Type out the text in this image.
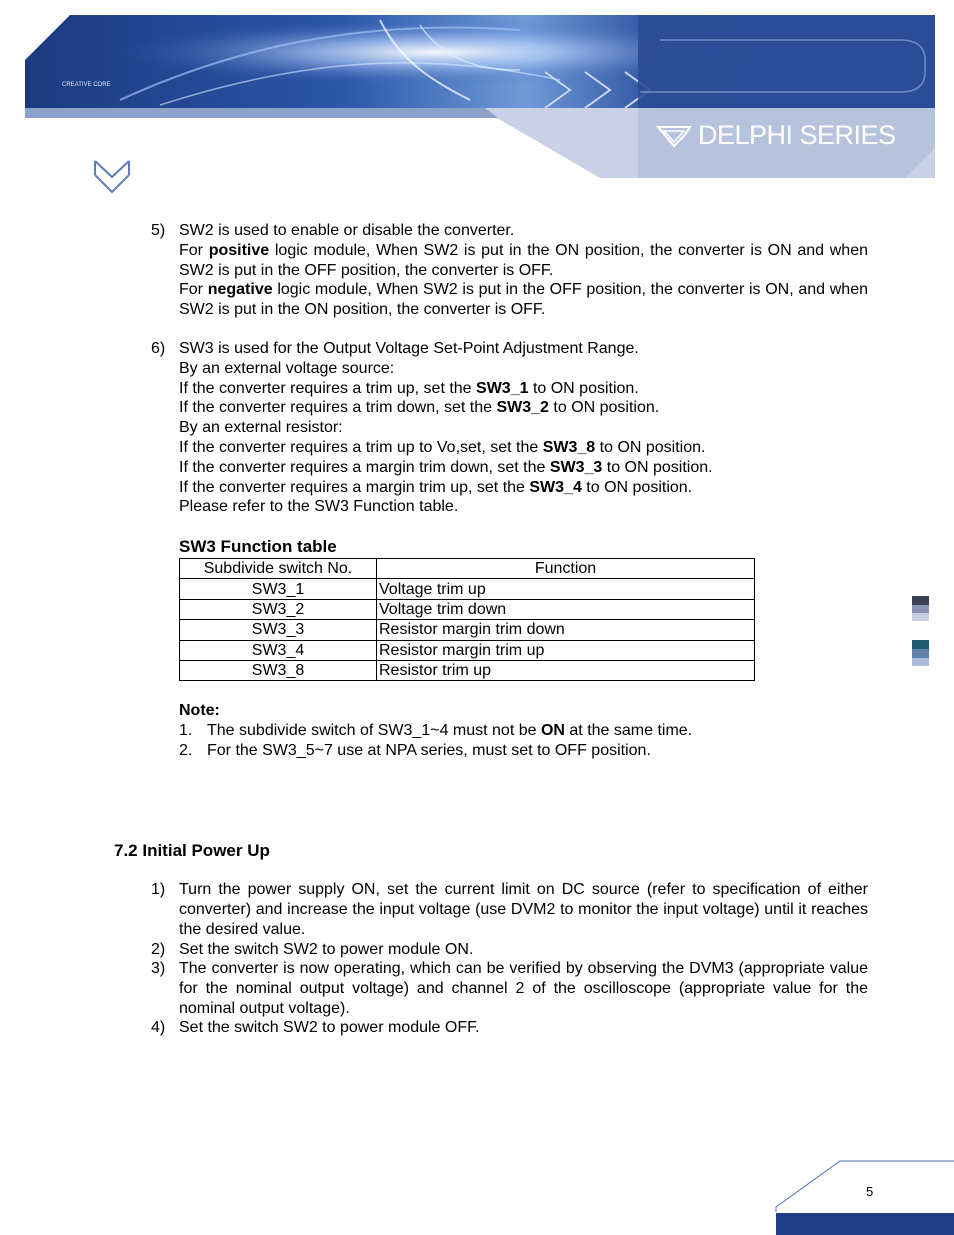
CREATIVE CORE
DELPHI SERIES
5) SW2 is used to enable or disable the converter.

For positive logic module, When SW2 is put in the ON position, the converter is ON and when SW2 is put in the OFF position, the converter is OFF.

For negative logic module, When SW2 is put in the OFF position, the converter is ON, and when SW2 is put in the ON position, the converter is OFF.

6) SW3 is used for the Output Voltage Set-Point Adjustment Range.

By an external voltage source:

If the converter requires a trim up, set the SW3_1 to ON position.

If the converter requires a trim down, set the SW3_2 to ON position.

By an external resistor:

If the converter requires a trim up to Vo,set, set the SW3_8 to ON position.

If the converter requires a margin trim down, set the SW3_3 to ON position.

If the converter requires a margin trim up, set the SW3_4 to ON position.

Please refer to the SW3 Function table.

SW3 Function table
Subdivide switch No.	Function
SW3_1	Voltage trim up
SW3_2	Voltage trim down
SW3_3	Resistor margin trim down
SW3_4	Resistor margin trim up
SW3_8	Resistor trim up
Note:
1. The subdivide switch of SW3_1~4 must not be ON at the same time.
2. For the SW3_5~7 use at NPA series, must set to OFF position.
7.2 Initial Power Up
1) Turn the power supply ON, set the current limit on DC source (refer to specification of either converter) and increase the input voltage (use DVM2 to monitor the input voltage) until it reaches the desired value.

2) Set the switch SW2 to power module ON.

3) The converter is now operating, which can be verified by observing the DVM3 (appropriate value for the nominal output voltage) and channel 2 of the oscilloscope (appropriate value for the nominal output voltage).

4) Set the switch SW2 to power module OFF.

5
